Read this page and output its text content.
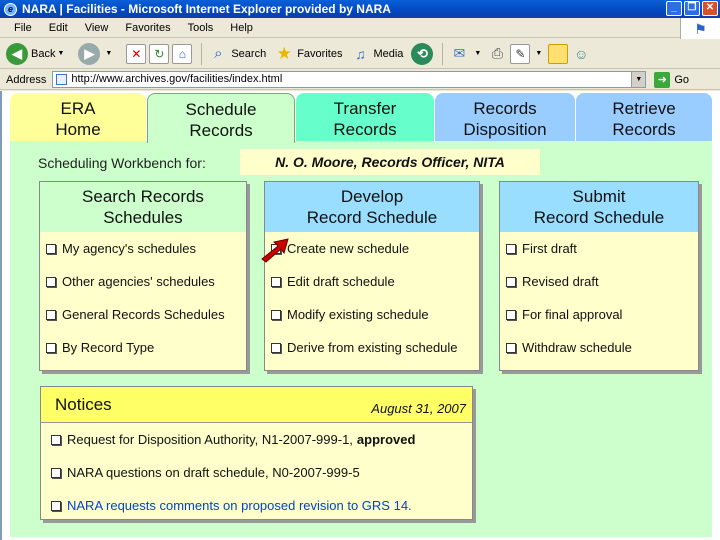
e NARA | Facilities - Microsoft Internet Explorer provided by NARA	_	❐ ✕
File Edit View Favorites Tools Help	⚑
◀ Back ▼	▶	▼	✕	↻	⌂	⌕ Search ★ Favorites ♫ Media	⟲	✉	▼ ⎙	✎	▼ ☺
Address	http://www.archives.gov/facilities/index.html	▼	➜ Go
ERA
Home
Schedule
Records
Transfer
Records
Records
Disposition
Retrieve
Records
Scheduling Workbench for:	N. O. Moore, Records Officer, NITA
Search Records
Schedules
My agency's schedules
Other agencies' schedules
General Records Schedules
By Record Type
Develop
Record Schedule
Create new schedule
Edit draft schedule
Modify existing schedule
Derive from existing schedule
Submit
Record Schedule
First draft
Revised draft
For final approval
Withdraw schedule
Notices	August 31, 2007
Request for Disposition Authority, N1-2007-999-1, approved
NARA questions on draft schedule, N0-2007-999-5
NARA requests comments on proposed revision to GRS 14.
